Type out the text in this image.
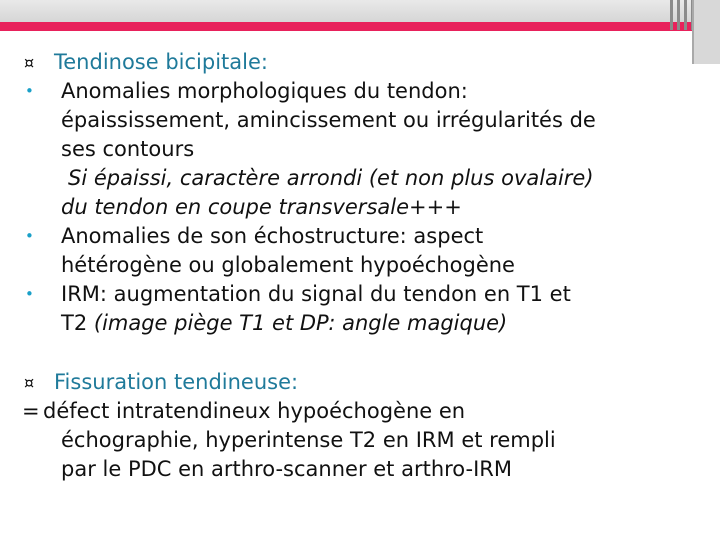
¤ Tendinose bicipitale:
• Anomalies morphologiques du tendon:
épaississement, amincissement ou irrégularités de
ses contours
Si épaissi, caractère arrondi (et non plus ovalaire)
du tendon en coupe transversale+++
• Anomalies de son échostructure: aspect
hétérogène ou globalement hypoéchogène
• IRM: augmentation du signal du tendon en T1 et
T2 (image piège T1 et DP: angle magique)
¤ Fissuration tendineuse:
= défect intratendineux hypoéchogène en
échographie, hyperintense T2 en IRM et rempli
par le PDC en arthro-scanner et arthro-IRM
